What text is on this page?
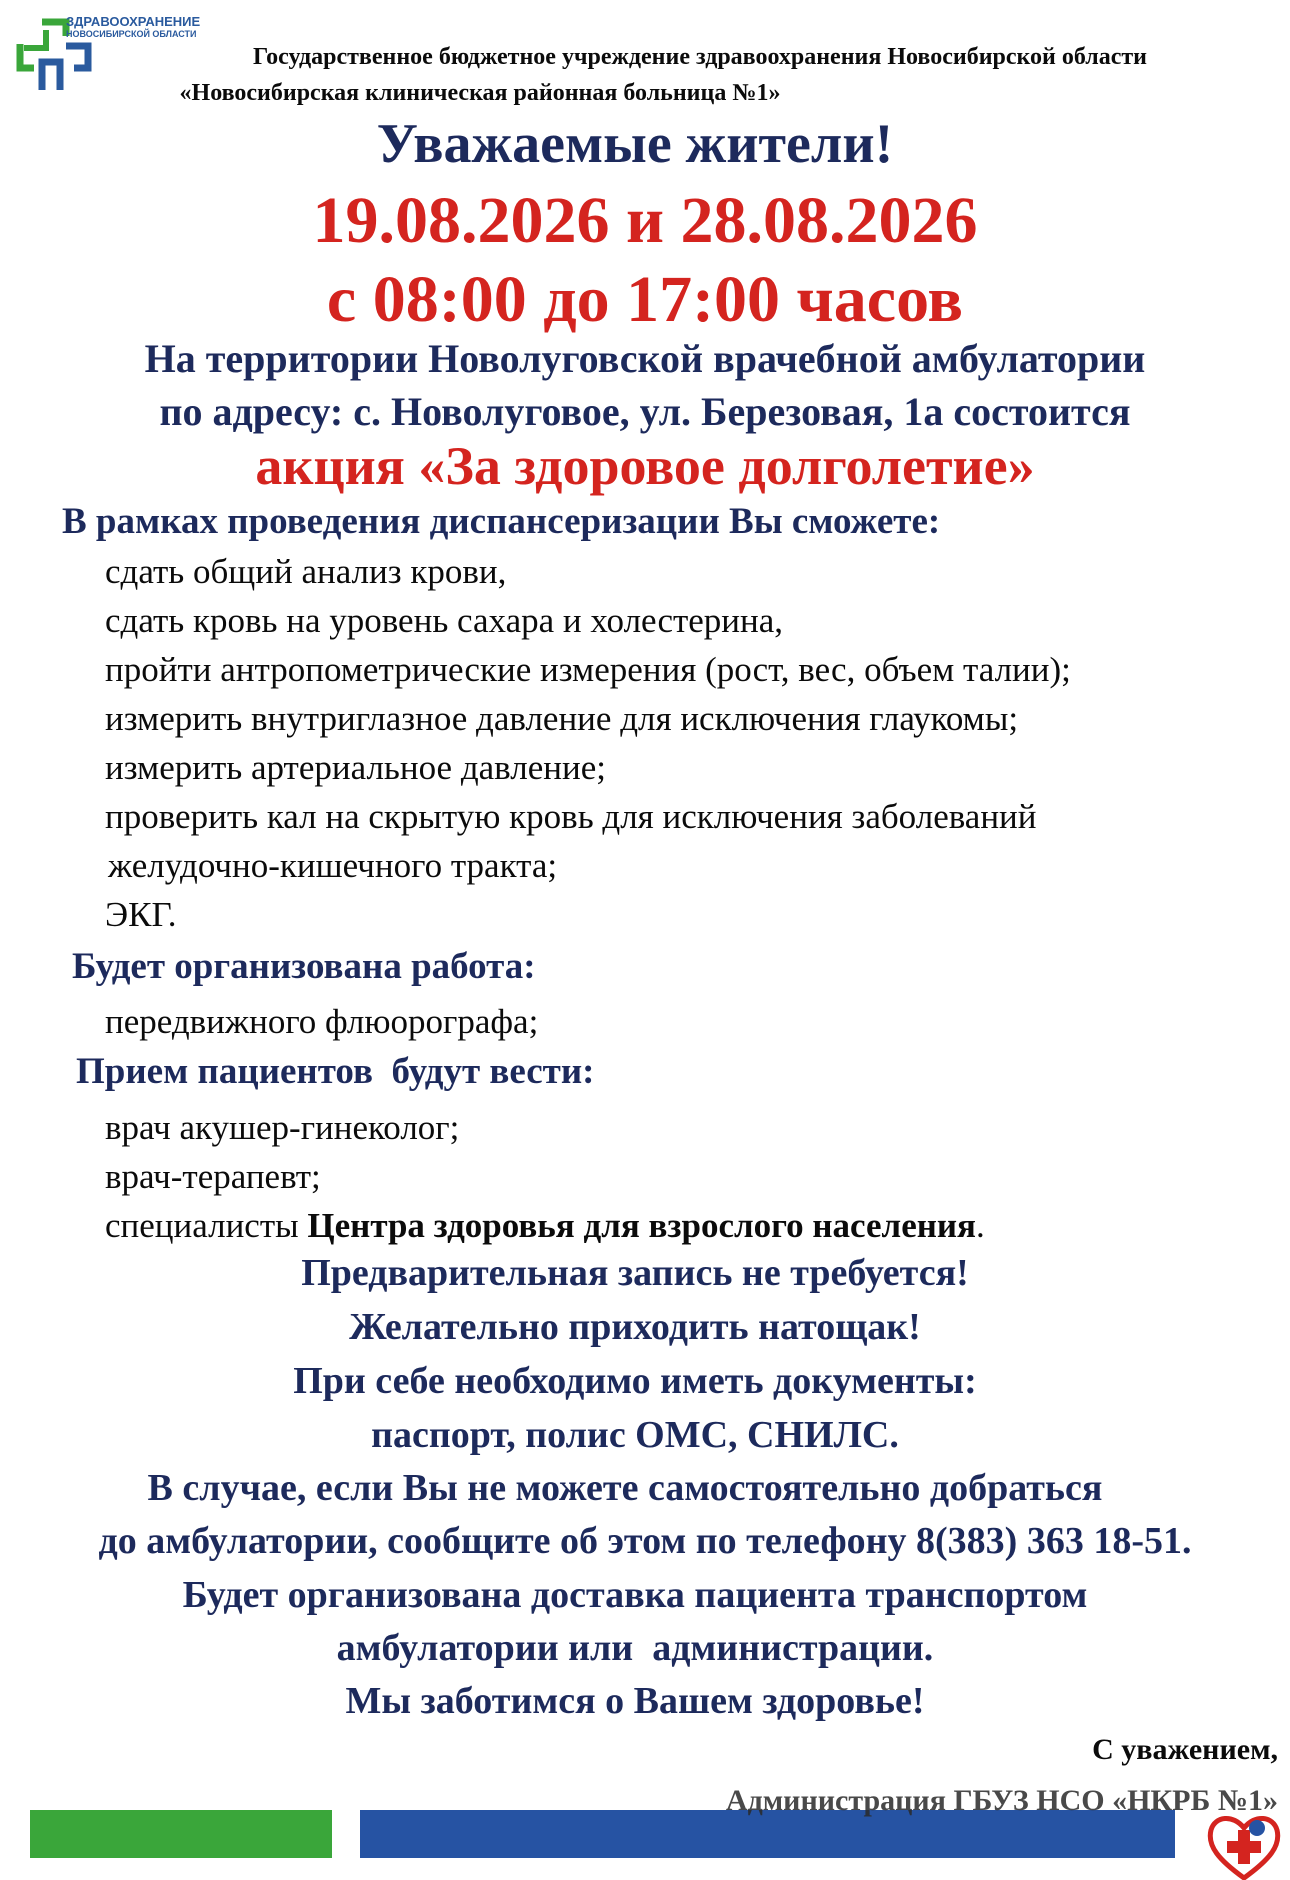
ЗДРАВООХРАНЕНИЕ
НОВОСИБИРСКОЙ ОБЛАСТИ
Государственное бюджетное учреждение здравоохранения Новосибирской области
«Новосибирская клиническая районная больница №1»
Уважаемые жители!
19.08.2026 и 28.08.2026
с 08:00 до 17:00 часов
На территории Новолуговской врачебной амбулатории
по адресу: с. Новолуговое, ул. Березовая, 1а состоится
акция «За здоровое долголетие»
В рамках проведения диспансеризации Вы сможете:
сдать общий анализ крови,
сдать кровь на уровень сахара и холестерина,
пройти антропометрические измерения (рост, вес, объем талии);
измерить внутриглазное давление для исключения глаукомы;
измерить артериальное давление;
проверить кал на скрытую кровь для исключения заболеваний
желудочно-кишечного тракта;
ЭКГ.
Будет организована работа:
передвижного флюорографа;
Прием пациентов  будут вести:
врач акушер-гинеколог;
врач-терапевт;
специалисты Центра здоровья для взрослого населения.
Предварительная запись не требуется!
Желательно приходить натощак!
При себе необходимо иметь документы:
паспорт, полис ОМС, СНИЛС.
В случае, если Вы не можете самостоятельно добраться
до амбулатории, сообщите об этом по телефону 8(383) 363 18-51.
Будет организована доставка пациента транспортом
амбулатории или  администрации.
Мы заботимся о Вашем здоровье!
С уважением,
Администрация ГБУЗ НСО «НКРБ №1»
